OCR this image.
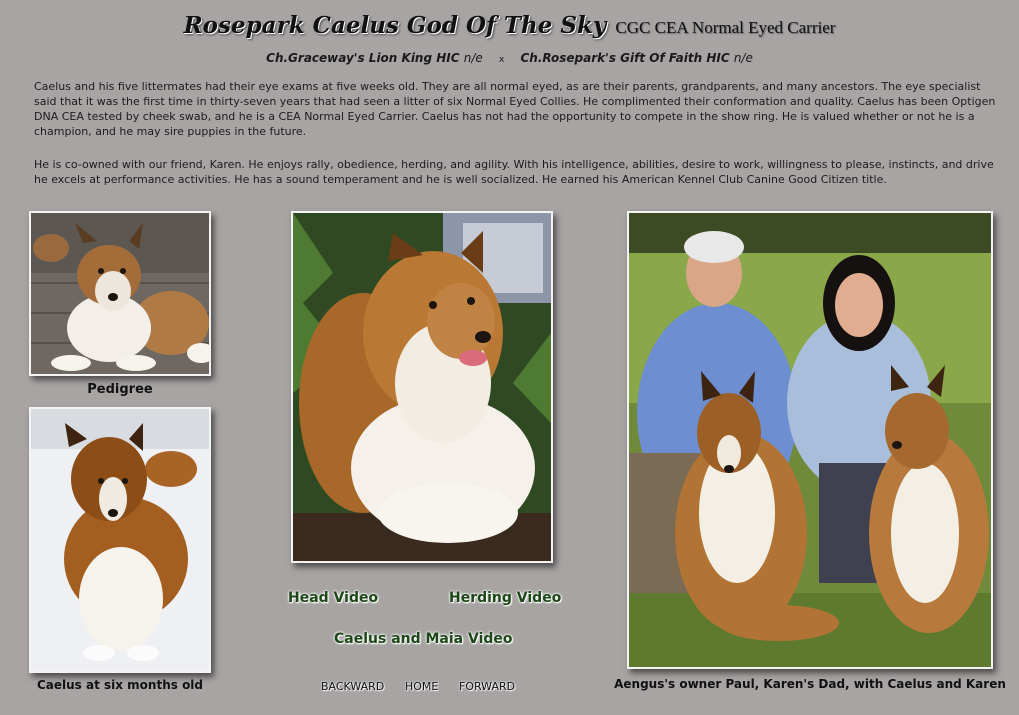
Rosepark Caelus God Of The Sky CGC CEA Normal Eyed Carrier
Ch.Graceway's Lion King HIC n/e x Ch.Rosepark's Gift Of Faith HIC n/e

Caelus and his five littermates had their eye exams at five weeks old. They are all normal eyed, as are their parents, grandparents, and many ancestors. The eye specialist said that it was the first time in thirty-seven years that had seen a litter of six Normal Eyed Collies. He complimented their conformation and quality. Caelus has been Optigen DNA CEA tested by cheek swab, and he is a CEA Normal Eyed Carrier. Caelus has not had the opportunity to compete in the show ring. He is valued whether or not he is a champion, and he may sire puppies in the future.

He is co-owned with our friend, Karen. He enjoys rally, obedience, herding, and agility. With his intelligence, abilities, desire to work, willingness to please, instincts, and drive he excels at performance activities. He has a sound temperament and he is well socialized. He earned his American Kennel Club Canine Good Citizen title.

Pedigree
Caelus at six months old	Aengus's owner Paul, Karen's Dad, with Caelus and Karen
Head Video	Herding Video
Caelus and Maia Video
BACKWARD HOME FORWARD
